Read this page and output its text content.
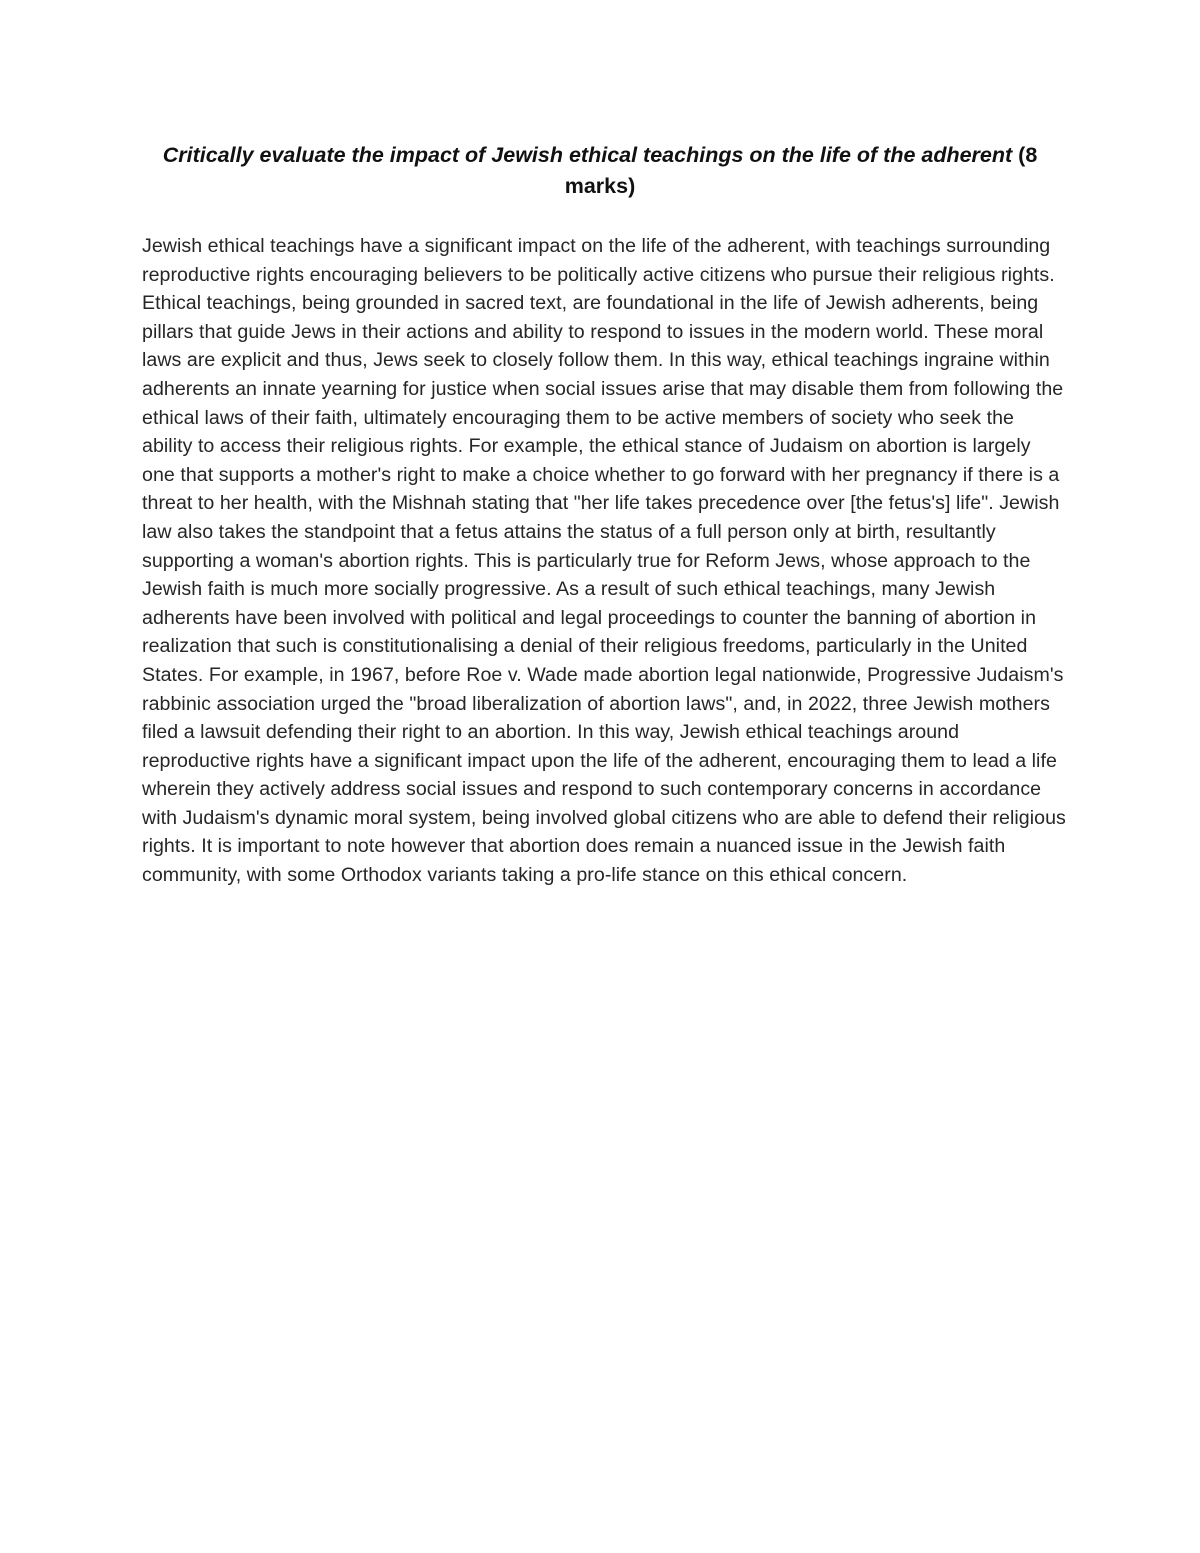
Critically evaluate the impact of Jewish ethical teachings on the life of the adherent (8 marks)

Jewish ethical teachings have a significant impact on the life of the adherent, with teachings surrounding reproductive rights encouraging believers to be politically active citizens who pursue their religious rights. Ethical teachings, being grounded in sacred text, are foundational in the life of Jewish adherents, being pillars that guide Jews in their actions and ability to respond to issues in the modern world. These moral laws are explicit and thus, Jews seek to closely follow them. In this way, ethical teachings ingraine within adherents an innate yearning for justice when social issues arise that may disable them from following the ethical laws of their faith, ultimately encouraging them to be active members of society who seek the ability to access their religious rights. For example, the ethical stance of Judaism on abortion is largely one that supports a mother's right to make a choice whether to go forward with her pregnancy if there is a threat to her health, with the Mishnah stating that "her life takes precedence over [the fetus's] life". Jewish law also takes the standpoint that a fetus attains the status of a full person only at birth, resultantly supporting a woman's abortion rights. This is particularly true for Reform Jews, whose approach to the Jewish faith is much more socially progressive. As a result of such ethical teachings, many Jewish adherents have been involved with political and legal proceedings to counter the banning of abortion in realization that such is constitutionalising a denial of their religious freedoms, particularly in the United States. For example, in 1967, before Roe v. Wade made abortion legal nationwide, Progressive Judaism's rabbinic association urged the "broad liberalization of abortion laws", and, in 2022, three Jewish mothers filed a lawsuit defending their right to an abortion. In this way, Jewish ethical teachings around reproductive rights have a significant impact upon the life of the adherent, encouraging them to lead a life wherein they actively address social issues and respond to such contemporary concerns in accordance with Judaism's dynamic moral system, being involved global citizens who are able to defend their religious rights. It is important to note however that abortion does remain a nuanced issue in the Jewish faith community, with some Orthodox variants taking a pro-life stance on this ethical concern.
